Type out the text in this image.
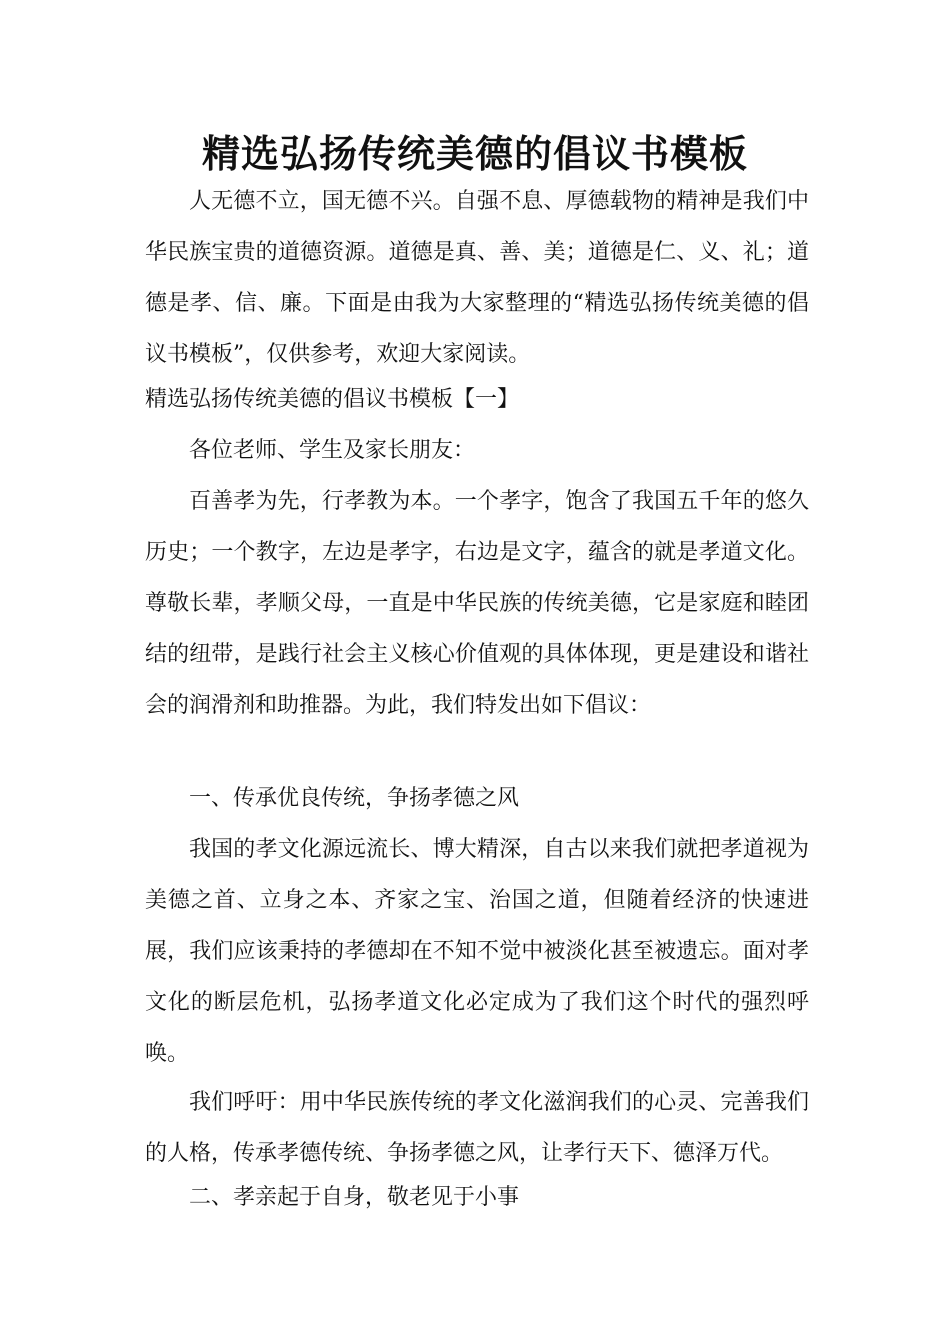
精选弘扬传统美德的倡议书模板

人无德不立，国无德不兴。自强不息、厚德载物的精神是我们中华民族宝贵的道德资源。道德是真、善、美；道德是仁、义、礼；道德是孝、信、廉。下面是由我为大家整理的“精选弘扬传统美德的倡议书模板”，仅供参考，欢迎大家阅读。

精选弘扬传统美德的倡议书模板【一】

各位老师、学生及家长朋友：

百善孝为先，行孝教为本。一个孝字，饱含了我国五千年的悠久历史；一个教字，左边是孝字，右边是文字，蕴含的就是孝道文化。尊敬长辈，孝顺父母，一直是中华民族的传统美德，它是家庭和睦团结的纽带，是践行社会主义核心价值观的具体体现，更是建设和谐社会的润滑剂和助推器。为此，我们特发出如下倡议：

一、传承优良传统，争扬孝德之风

我国的孝文化源远流长、博大精深，自古以来我们就把孝道视为美德之首、立身之本、齐家之宝、治国之道，但随着经济的快速进展，我们应该秉持的孝德却在不知不觉中被淡化甚至被遗忘。面对孝文化的断层危机，弘扬孝道文化必定成为了我们这个时代的强烈呼唤。

我们呼吁：用中华民族传统的孝文化滋润我们的心灵、完善我们的人格，传承孝德传统、争扬孝德之风，让孝行天下、德泽万代。

二、孝亲起于自身，敬老见于小事
